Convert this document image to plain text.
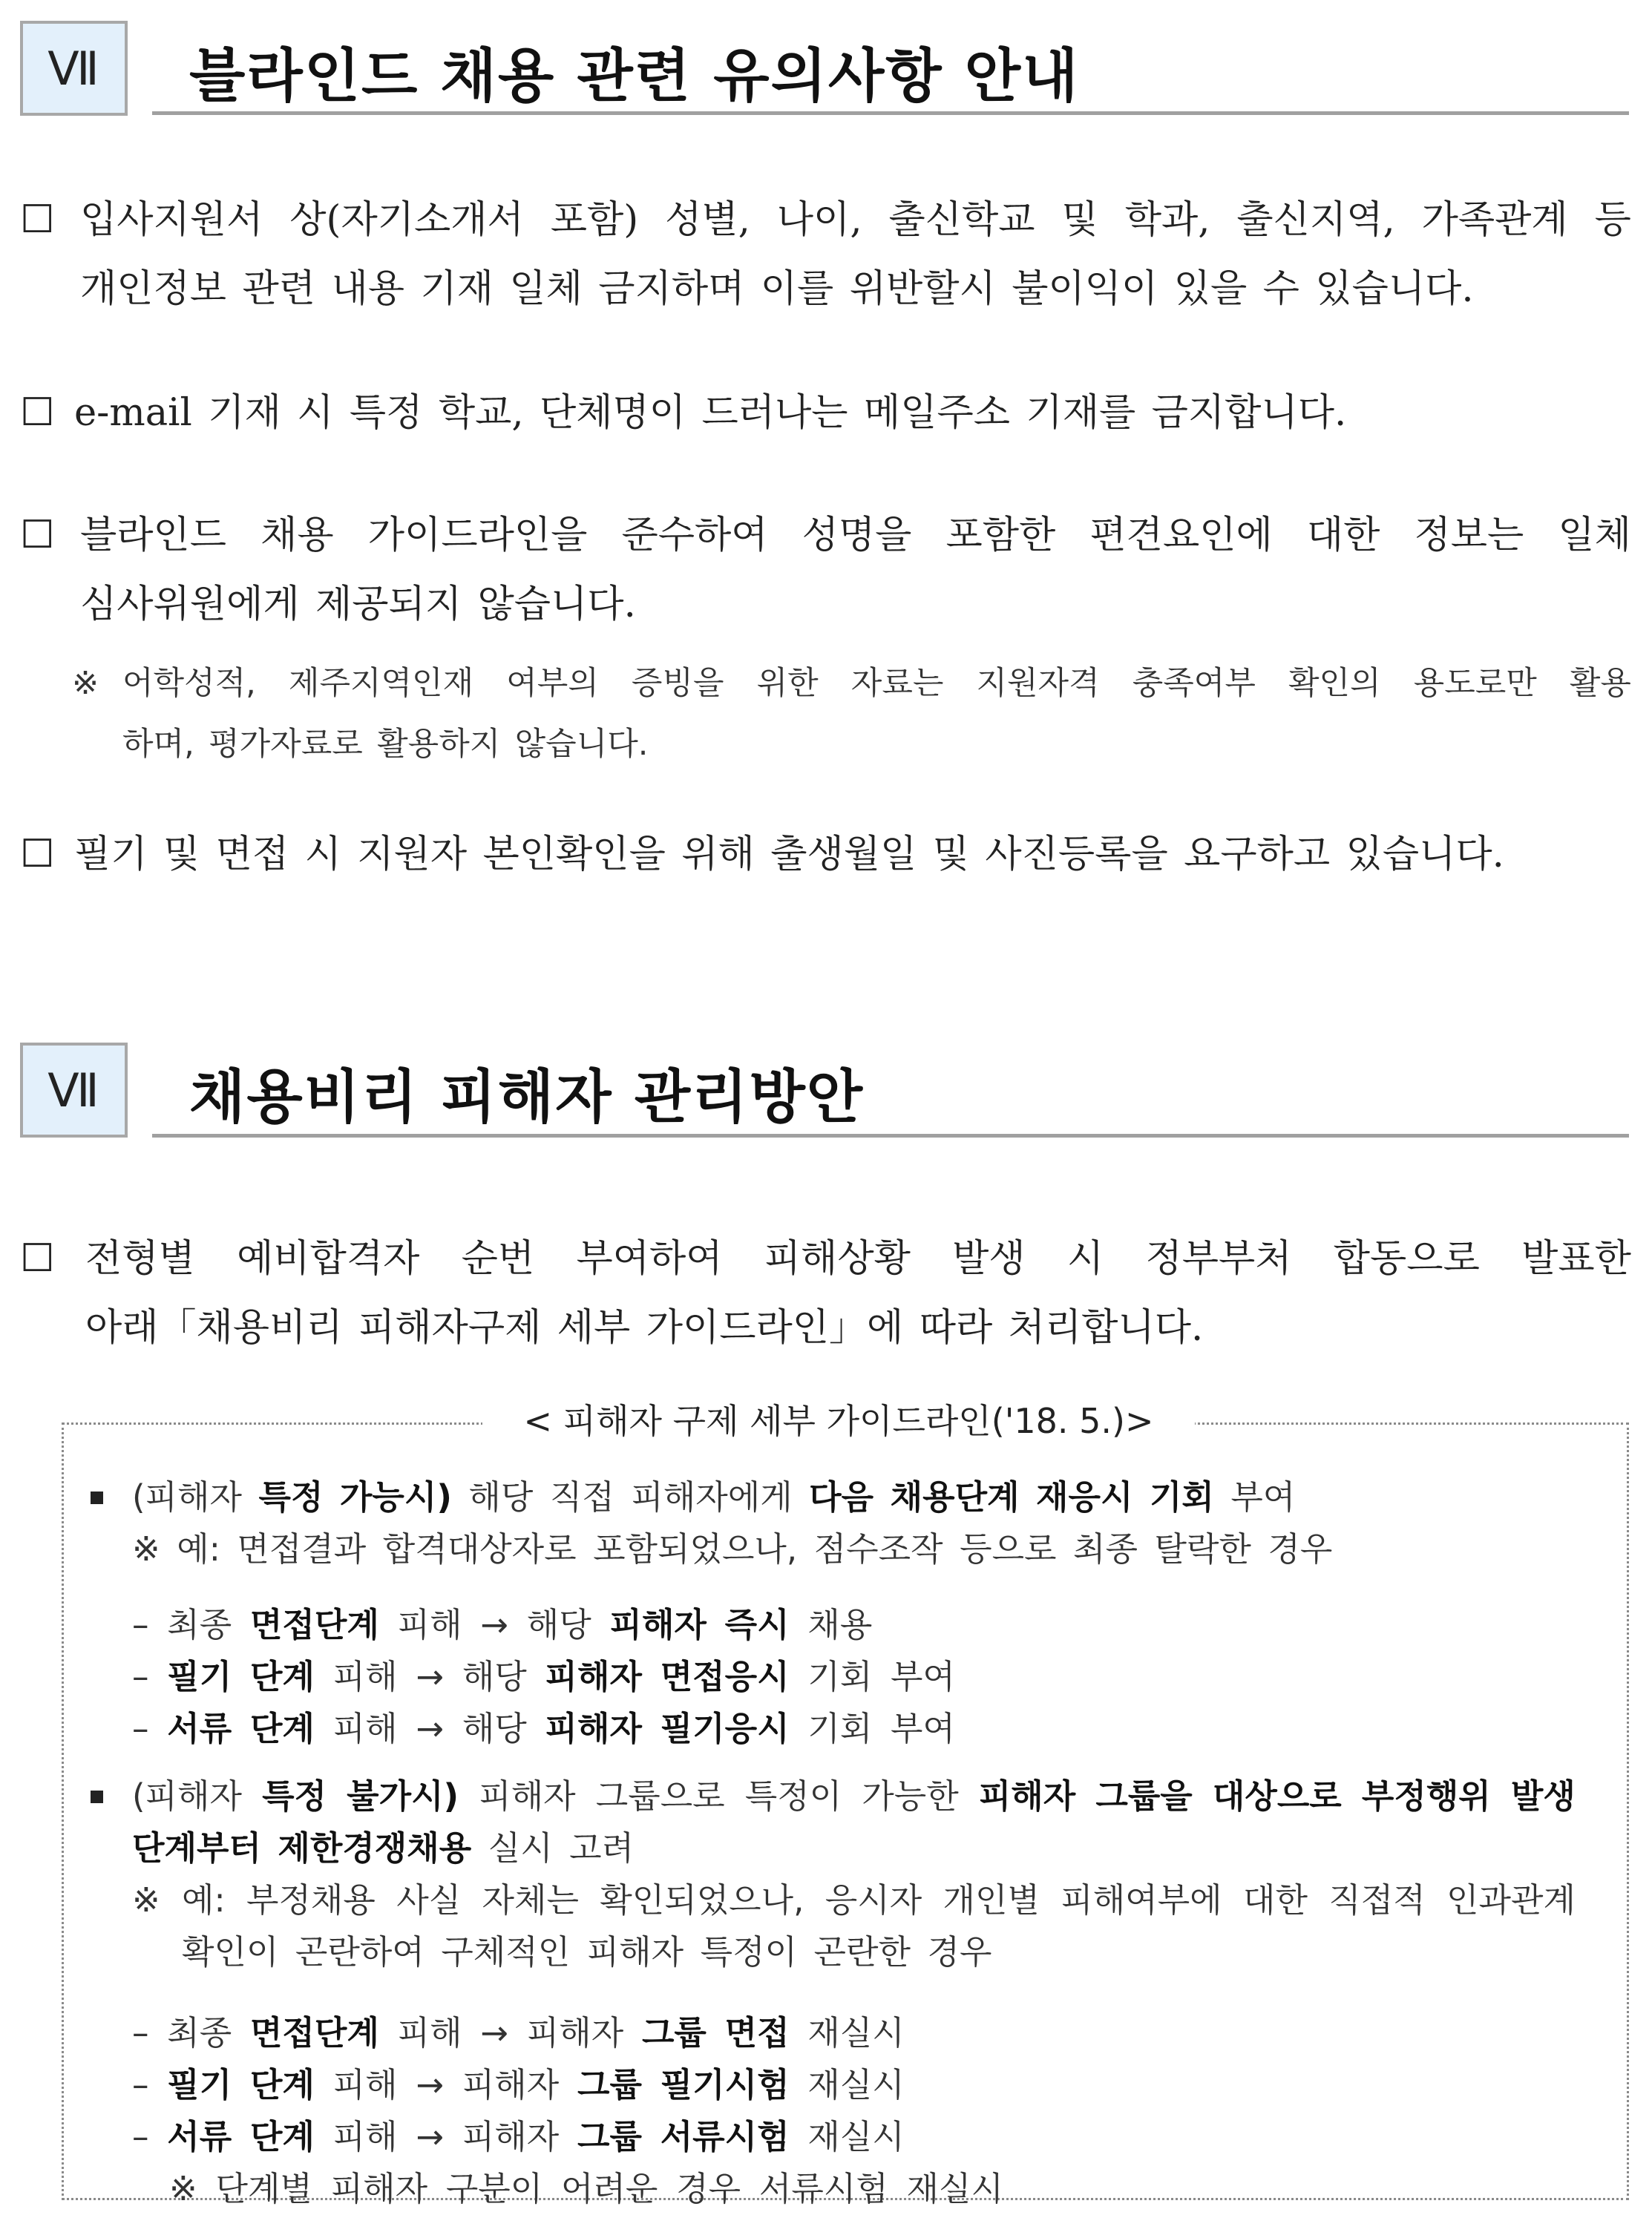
Ⅶ 블라인드 채용 관련 유의사항 안내
☐ 입사지원서 상(자기소개서 포함) 성별, 나이, 출신학교 및 학과, 출신지역, 가족관계 등
개인정보 관련 내용 기재 일체 금지하며 이를 위반할시 불이익이 있을 수 있습니다.
☐ e-mail 기재 시 특정 학교, 단체명이 드러나는 메일주소 기재를 금지합니다.
☐ 블라인드 채용 가이드라인을 준수하여 성명을 포함한 편견요인에 대한 정보는 일체
심사위원에게 제공되지 않습니다.
※ 어학성적, 제주지역인재 여부의 증빙을 위한 자료는 지원자격 충족여부 확인의 용도로만 활용
하며, 평가자료로 활용하지 않습니다.
☐ 필기 및 면접 시 지원자 본인확인을 위해 출생월일 및 사진등록을 요구하고 있습니다.
Ⅶ 채용비리 피해자 관리방안
☐ 전형별 예비합격자 순번 부여하여 피해상황 발생 시 정부부처 합동으로 발표한
아래「채용비리 피해자구제 세부 가이드라인」에 따라 처리합니다.
< 피해자 구제 세부 가이드라인('18. 5.)>
(피해자 특정 가능시) 해당 직접 피해자에게 다음 채용단계 재응시 기회 부여
※ 예: 면접결과 합격대상자로 포함되었으나, 점수조작 등으로 최종 탈락한 경우
– 최종 면접단계 피해 → 해당 피해자 즉시 채용
– 필기 단계 피해 → 해당 피해자 면접응시 기회 부여
– 서류 단계 피해 → 해당 피해자 필기응시 기회 부여
(피해자 특정 불가시) 피해자 그룹으로 특정이 가능한 피해자 그룹을 대상으로 부정행위 발생
단계부터 제한경쟁채용 실시 고려
※ 예: 부정채용 사실 자체는 확인되었으나, 응시자 개인별 피해여부에 대한 직접적 인과관계
확인이 곤란하여 구체적인 피해자 특정이 곤란한 경우
– 최종 면접단계 피해 → 피해자 그룹 면접 재실시
– 필기 단계 피해 → 피해자 그룹 필기시험 재실시
– 서류 단계 피해 → 피해자 그룹 서류시험 재실시
※ 단계별 피해자 구분이 어려운 경우 서류시험 재실시
